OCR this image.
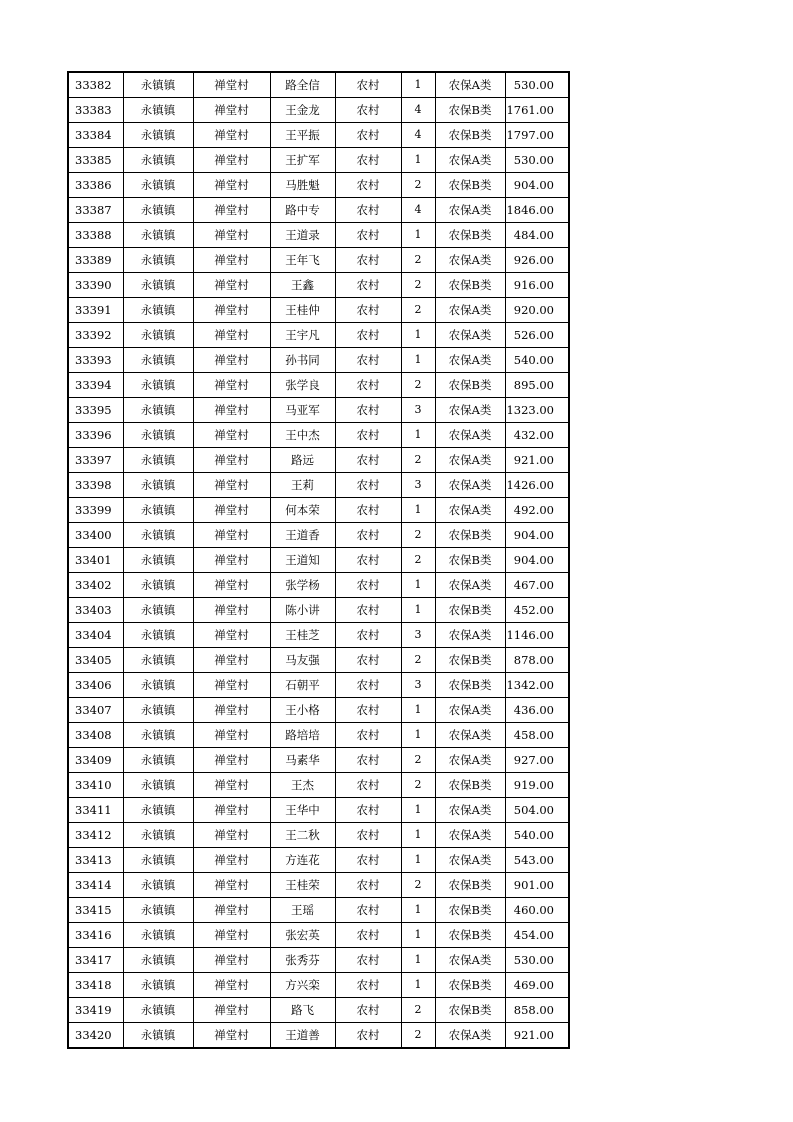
33382	永镇镇	禅堂村	路全信	农村	1	农保A类	530.00
33383	永镇镇	禅堂村	王金龙	农村	4	农保B类	1761.00
33384	永镇镇	禅堂村	王平振	农村	4	农保B类	1797.00
33385	永镇镇	禅堂村	王扩军	农村	1	农保A类	530.00
33386	永镇镇	禅堂村	马胜魁	农村	2	农保B类	904.00
33387	永镇镇	禅堂村	路中专	农村	4	农保A类	1846.00
33388	永镇镇	禅堂村	王道录	农村	1	农保B类	484.00
33389	永镇镇	禅堂村	王年飞	农村	2	农保A类	926.00
33390	永镇镇	禅堂村	王鑫	农村	2	农保B类	916.00
33391	永镇镇	禅堂村	王桂仲	农村	2	农保A类	920.00
33392	永镇镇	禅堂村	王宇凡	农村	1	农保A类	526.00
33393	永镇镇	禅堂村	孙书同	农村	1	农保A类	540.00
33394	永镇镇	禅堂村	张学良	农村	2	农保B类	895.00
33395	永镇镇	禅堂村	马亚军	农村	3	农保A类	1323.00
33396	永镇镇	禅堂村	王中杰	农村	1	农保A类	432.00
33397	永镇镇	禅堂村	路远	农村	2	农保A类	921.00
33398	永镇镇	禅堂村	王莉	农村	3	农保A类	1426.00
33399	永镇镇	禅堂村	何本荣	农村	1	农保A类	492.00
33400	永镇镇	禅堂村	王道香	农村	2	农保B类	904.00
33401	永镇镇	禅堂村	王道知	农村	2	农保B类	904.00
33402	永镇镇	禅堂村	张学杨	农村	1	农保A类	467.00
33403	永镇镇	禅堂村	陈小讲	农村	1	农保B类	452.00
33404	永镇镇	禅堂村	王桂芝	农村	3	农保A类	1146.00
33405	永镇镇	禅堂村	马友强	农村	2	农保B类	878.00
33406	永镇镇	禅堂村	石朝平	农村	3	农保B类	1342.00
33407	永镇镇	禅堂村	王小格	农村	1	农保A类	436.00
33408	永镇镇	禅堂村	路培培	农村	1	农保A类	458.00
33409	永镇镇	禅堂村	马素华	农村	2	农保A类	927.00
33410	永镇镇	禅堂村	王杰	农村	2	农保B类	919.00
33411	永镇镇	禅堂村	王华中	农村	1	农保A类	504.00
33412	永镇镇	禅堂村	王二秋	农村	1	农保A类	540.00
33413	永镇镇	禅堂村	方连花	农村	1	农保A类	543.00
33414	永镇镇	禅堂村	王桂荣	农村	2	农保B类	901.00
33415	永镇镇	禅堂村	王瑶	农村	1	农保B类	460.00
33416	永镇镇	禅堂村	张宏英	农村	1	农保B类	454.00
33417	永镇镇	禅堂村	张秀芬	农村	1	农保A类	530.00
33418	永镇镇	禅堂村	方兴栾	农村	1	农保B类	469.00
33419	永镇镇	禅堂村	路飞	农村	2	农保B类	858.00
33420	永镇镇	禅堂村	王道善	农村	2	农保A类	921.00
